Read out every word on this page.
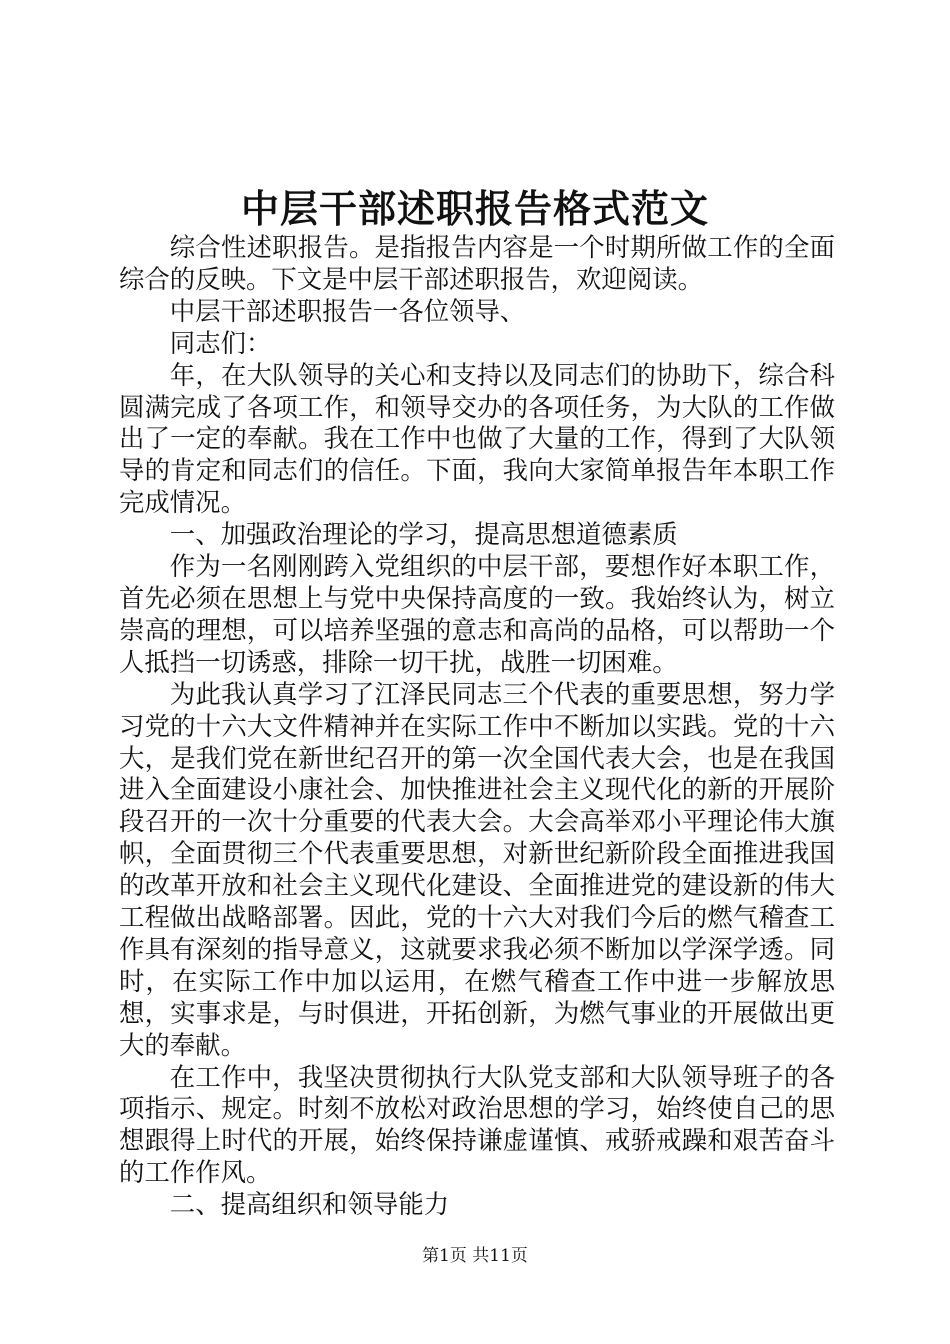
中层干部述职报告格式范文

综合性述职报告。是指报告内容是一个时期所做工作的全面综合的反映。下文是中层干部述职报告，欢迎阅读。

中层干部述职报告一各位领导、

同志们：

年，在大队领导的关心和支持以及同志们的协助下，综合科圆满完成了各项工作，和领导交办的各项任务，为大队的工作做出了一定的奉献。我在工作中也做了大量的工作，得到了大队领导的肯定和同志们的信任。下面，我向大家简单报告年本职工作完成情况。

一、加强政治理论的学习，提高思想道德素质

作为一名刚刚跨入党组织的中层干部，要想作好本职工作，首先必须在思想上与党中央保持高度的一致。我始终认为，树立崇高的理想，可以培养坚强的意志和高尚的品格，可以帮助一个人抵挡一切诱惑，排除一切干扰，战胜一切困难。

为此我认真学习了江泽民同志三个代表的重要思想，努力学习党的十六大文件精神并在实际工作中不断加以实践。党的十六大，是我们党在新世纪召开的第一次全国代表大会，也是在我国进入全面建设小康社会、加快推进社会主义现代化的新的开展阶段召开的一次十分重要的代表大会。大会高举邓小平理论伟大旗帜，全面贯彻三个代表重要思想，对新世纪新阶段全面推进我国的改革开放和社会主义现代化建设、全面推进党的建设新的伟大工程做出战略部署。因此，党的十六大对我们今后的燃气稽查工作具有深刻的指导意义，这就要求我必须不断加以学深学透。同时，在实际工作中加以运用，在燃气稽查工作中进一步解放思想，实事求是，与时俱进，开拓创新，为燃气事业的开展做出更大的奉献。

在工作中，我坚决贯彻执行大队党支部和大队领导班子的各项指示、规定。时刻不放松对政治思想的学习，始终使自己的思想跟得上时代的开展，始终保持谦虚谨慎、戒骄戒躁和艰苦奋斗的工作作风。

二、提高组织和领导能力

第1页 共11页
